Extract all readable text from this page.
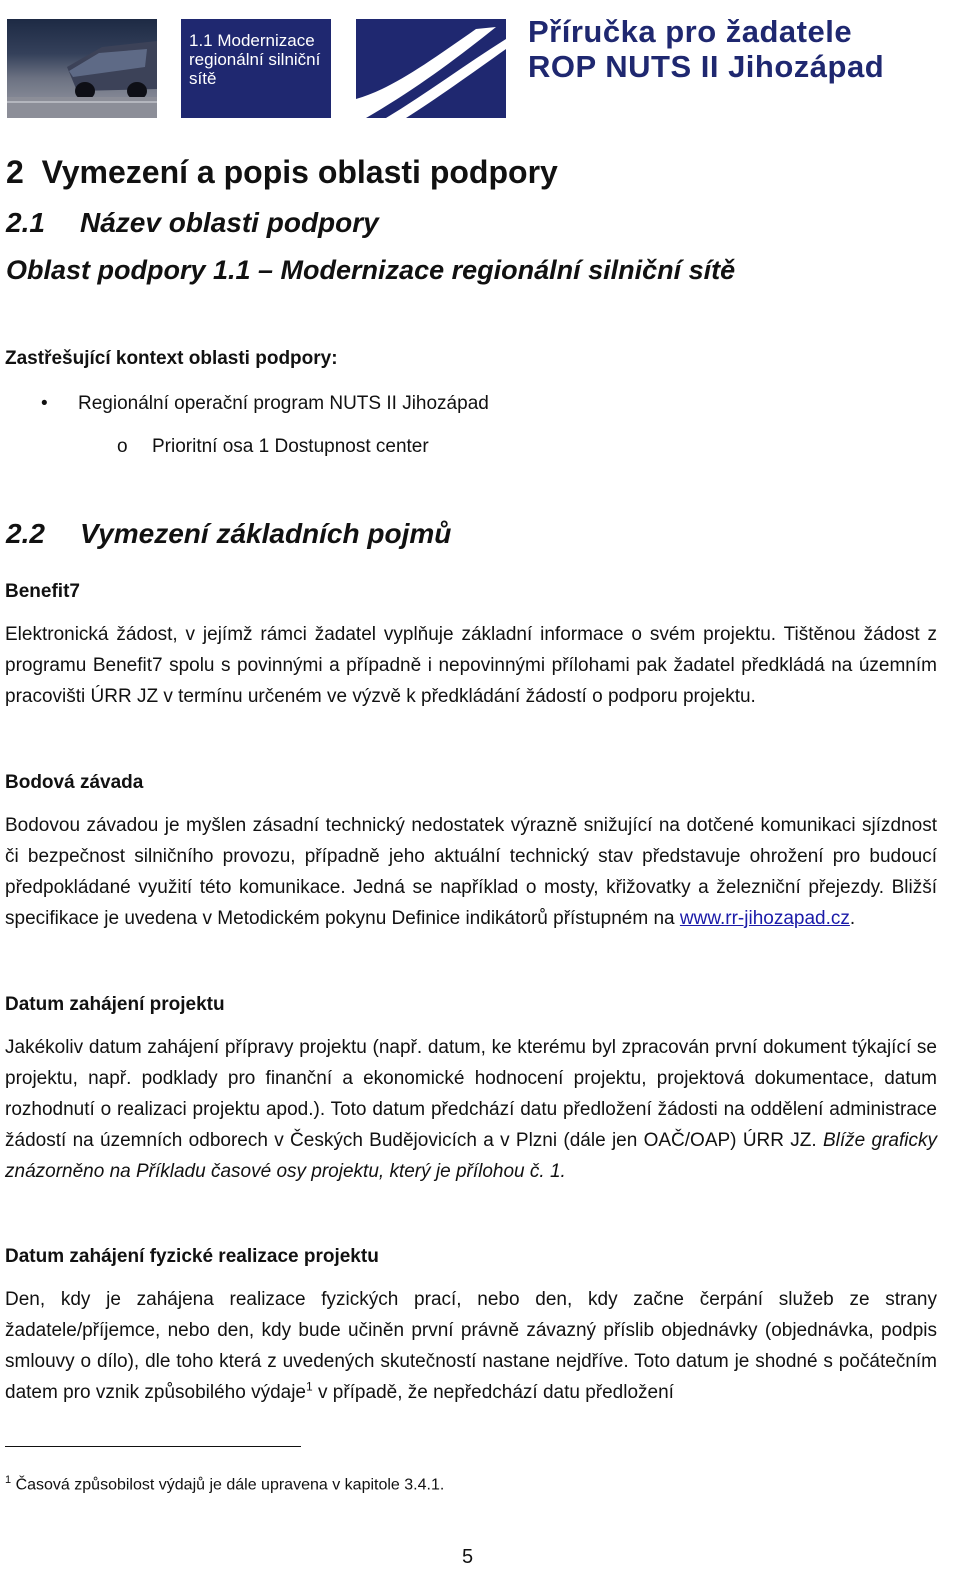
1.1 Modernizace
regionální silniční
sítě
Příručka pro žadatele
ROP NUTS II Jihozápad
2 Vymezení a popis oblasti podpory
2.1 Název oblasti podpory
Oblast podpory 1.1 – Modernizace regionální silniční sítě
Zastřešující kontext oblasti podpory:
• Regionální operační program NUTS II Jihozápad
o Prioritní osa 1 Dostupnost center
2.2 Vymezení základních pojmů
Benefit7
Elektronická žádost, v jejímž rámci žadatel vyplňuje základní informace o svém projektu. Tištěnou žádost z programu Benefit7 spolu s povinnými a případně i nepovinnými přílohami pak žadatel předkládá na územním pracovišti ÚRR JZ v termínu určeném ve výzvě k předkládání žádostí o podporu projektu.
Bodová závada
Bodovou závadou je myšlen zásadní technický nedostatek výrazně snižující na dotčené komunikaci sjízdnost či bezpečnost silničního provozu, případně jeho aktuální technický stav představuje ohrožení pro budoucí předpokládané využití této komunikace. Jedná se například o mosty, křižovatky a železniční přejezdy. Bližší specifikace je uvedena v Metodickém pokynu Definice indikátorů přístupném na www.rr-jihozapad.cz.
Datum zahájení projektu
Jakékoliv datum zahájení přípravy projektu (např. datum, ke kterému byl zpracován první dokument týkající se projektu, např. podklady pro finanční a ekonomické hodnocení projektu, projektová dokumentace, datum rozhodnutí o realizaci projektu apod.). Toto datum předchází datu předložení žádosti na oddělení administrace žádostí na územních odborech v Českých Budějovicích a v Plzni (dále jen OAČ/OAP) ÚRR JZ. Blíže graficky znázorněno na Příkladu časové osy projektu, který je přílohou č. 1.
Datum zahájení fyzické realizace projektu
Den, kdy je zahájena realizace fyzických prací, nebo den, kdy začne čerpání služeb ze strany žadatele/příjemce, nebo den, kdy bude učiněn první právně závazný příslib objednávky (objednávka, podpis smlouvy o dílo), dle toho která z uvedených skutečností nastane nejdříve. Toto datum je shodné s počátečním datem pro vznik způsobilého výdaje$^1$ v případě, že nepředchází datu předložení
$^1$ Časová způsobilost výdajů je dále upravena v kapitole 3.4.1.
5
